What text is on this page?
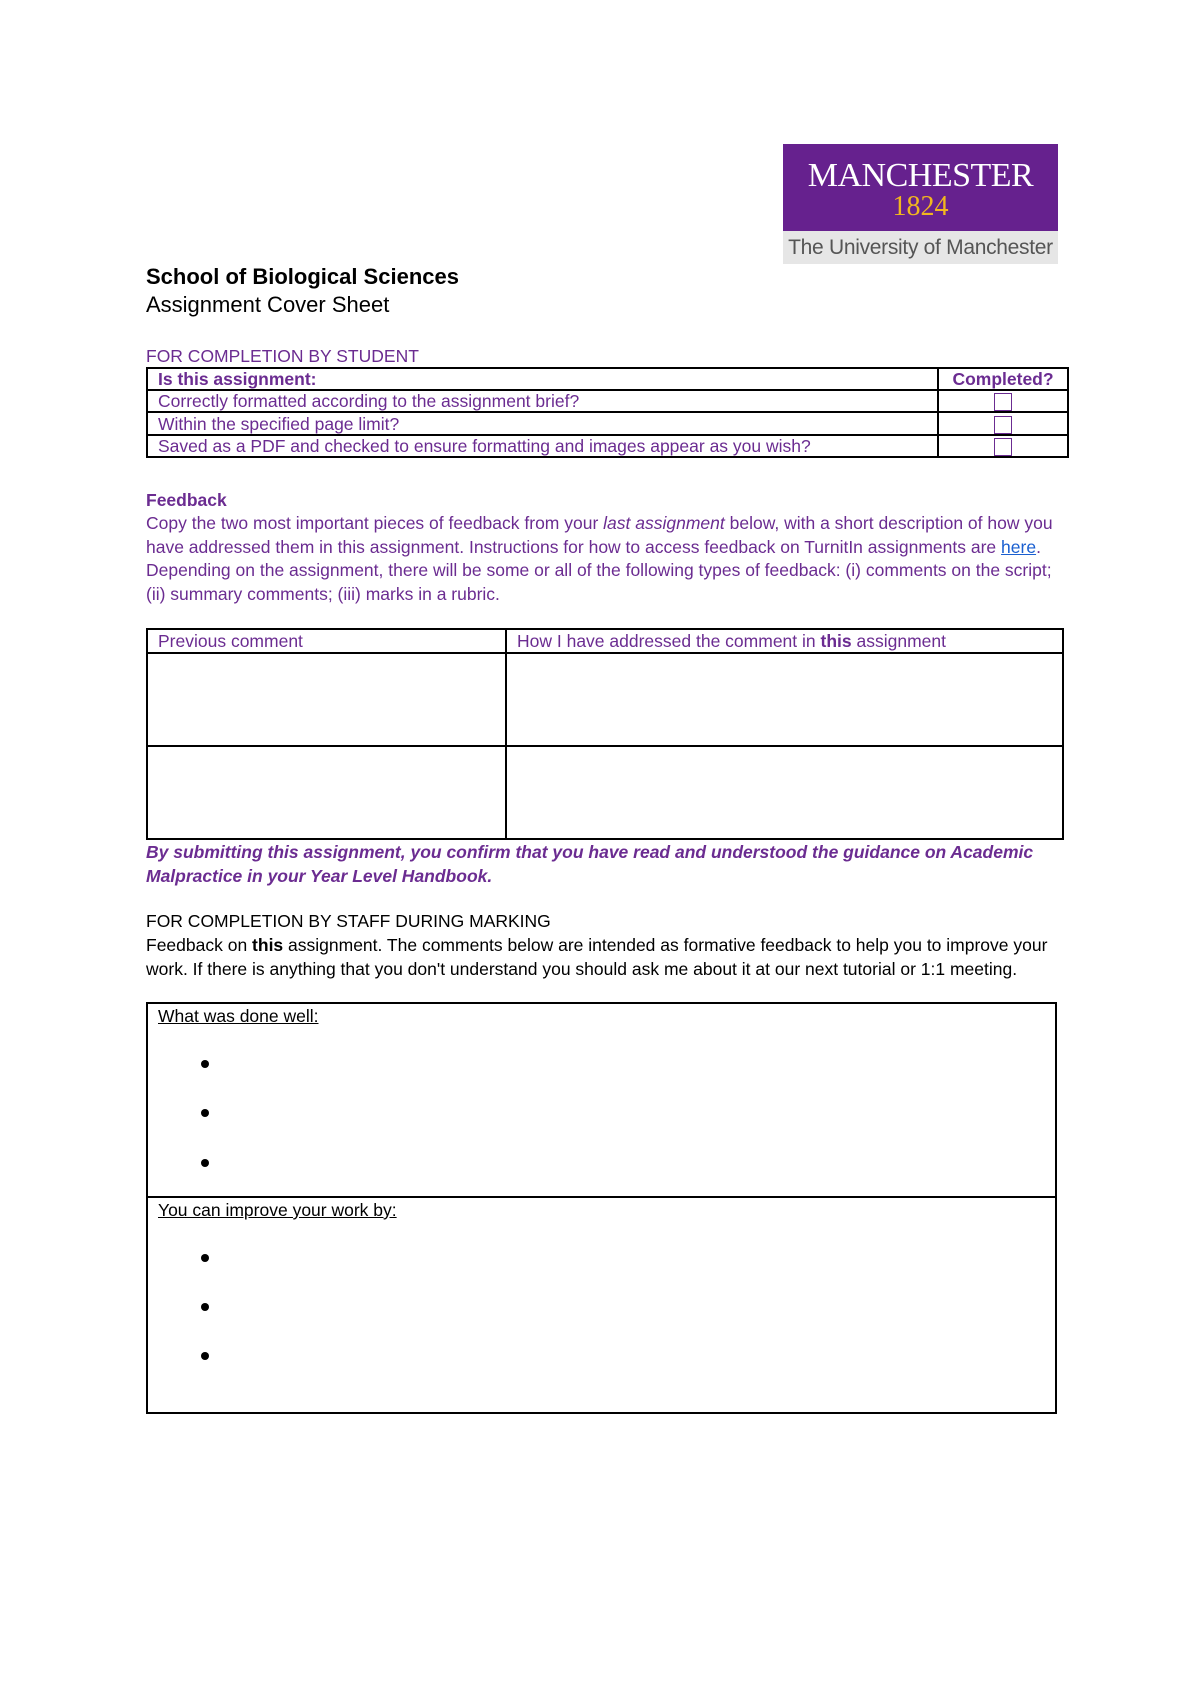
MANCHESTER
1824
The University of Manchester
School of Biological Sciences
Assignment Cover Sheet
FOR COMPLETION BY STUDENT
Is this assignment:	Completed?
Correctly formatted according to the assignment brief?	
Within the specified page limit?	
Saved as a PDF and checked to ensure formatting and images appear as you wish?	
Feedback
Copy the two most important pieces of feedback from your last assignment below, with a short description of how you have addressed them in this assignment. Instructions for how to access feedback on TurnitIn assignments are here. Depending on the assignment, there will be some or all of the following types of feedback: (i) comments on the script; (ii) summary comments; (iii) marks in a rubric.
Previous comment	How I have addressed the comment in this assignment

By submitting this assignment, you confirm that you have read and understood the guidance on Academic Malpractice in your Year Level Handbook.
FOR COMPLETION BY STAFF DURING MARKING
Feedback on this assignment. The comments below are intended as formative feedback to help you to improve your work. If there is anything that you don't understand you should ask me about it at our next tutorial or 1:1 meeting.
What was done well:
You can improve your work by:
